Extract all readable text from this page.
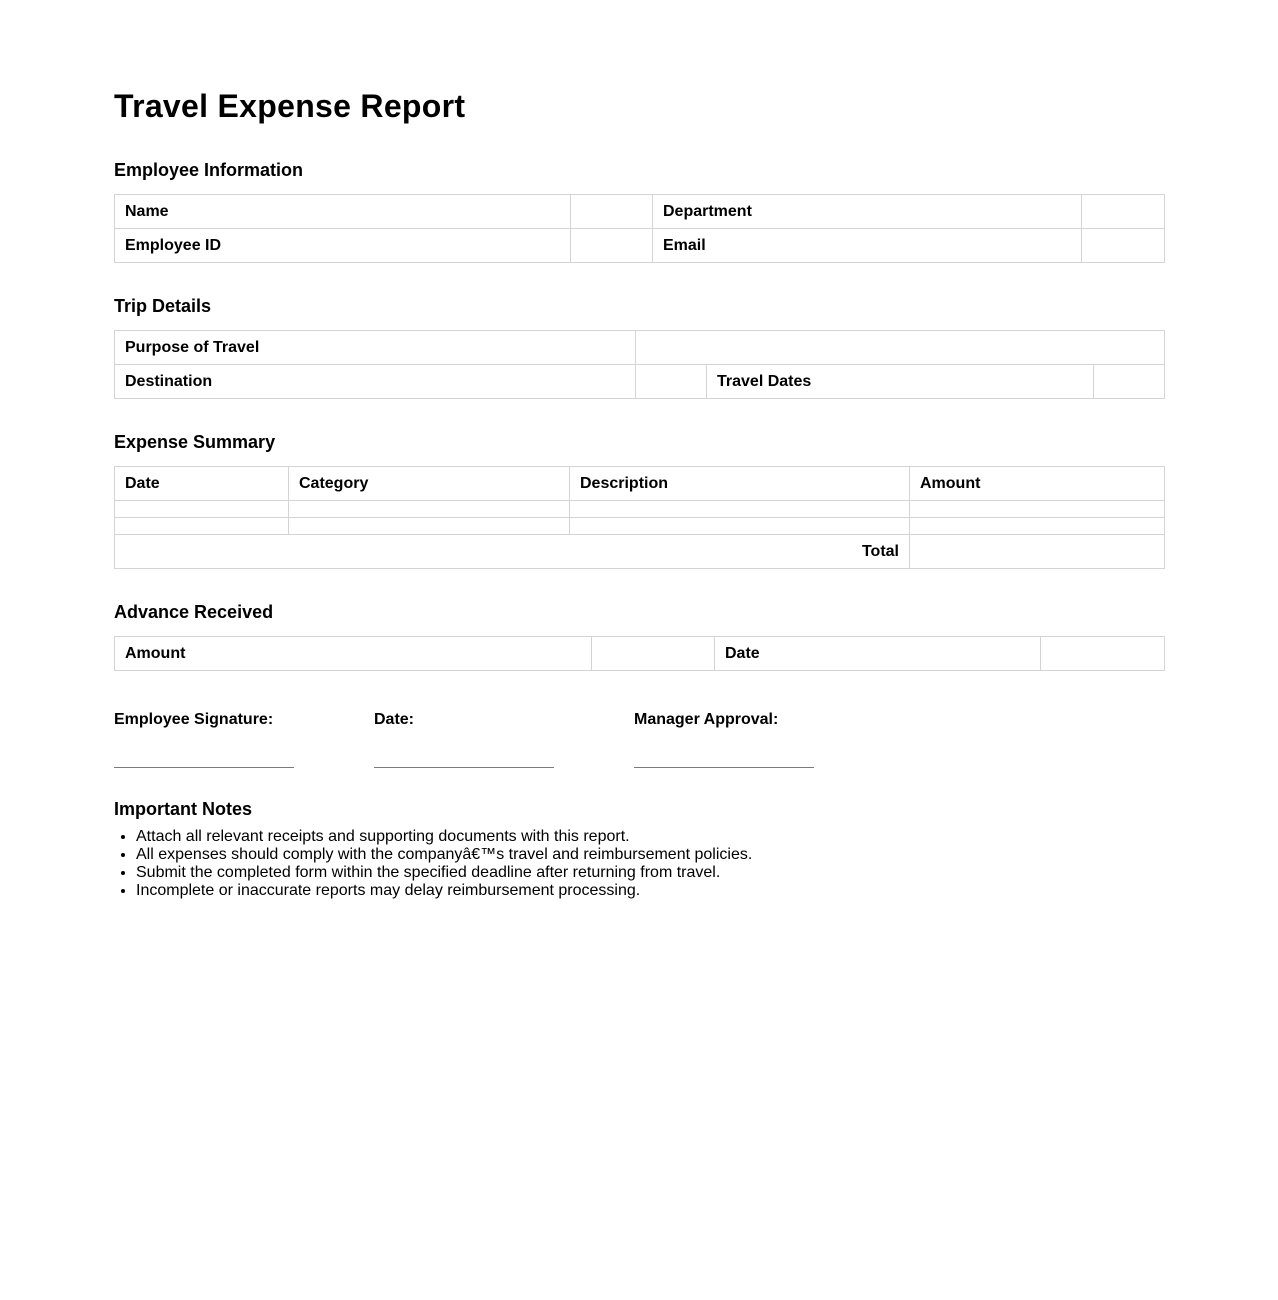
Travel Expense Report
Employee Information
Name		Department	
Employee ID		Email	
Trip Details
Purpose of Travel			
Destination		Travel Dates	
Expense Summary
Date	Category	Description	Amount

Total			
Advance Received
Amount		Date	
Employee Signature:	Date:	Manager Approval:
Important Notes
• Attach all relevant receipts and supporting documents with this report.
• All expenses should comply with the companyâ€™s travel and reimbursement policies.
• Submit the completed form within the specified deadline after returning from travel.
• Incomplete or inaccurate reports may delay reimbursement processing.
